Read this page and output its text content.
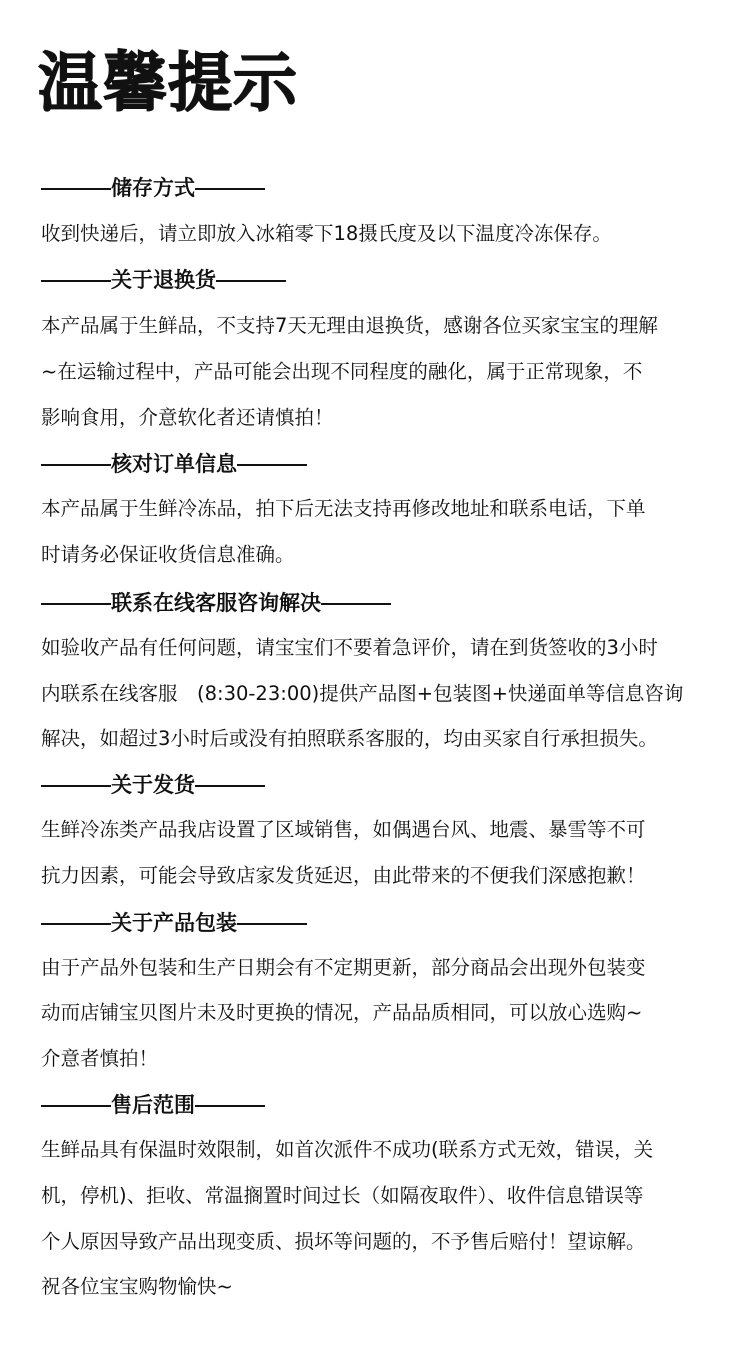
温馨提示
储存方式
收到快递后，请立即放入冰箱零下18摄氏度及以下温度冷冻保存。
关于退换货
本产品属于生鲜品，不支持7天无理由退换货，感谢各位买家宝宝的理解
~在运输过程中，产品可能会出现不同程度的融化，属于正常现象，不
影响食用，介意软化者还请慎拍！
核对订单信息
本产品属于生鲜冷冻品，拍下后无法支持再修改地址和联系电话，下单
时请务必保证收货信息准确。
联系在线客服咨询解决
如验收产品有任何问题，请宝宝们不要着急评价，请在到货签收的3小时
内联系在线客服　(8:30-23:00)提供产品图+包装图+快递面单等信息咨询
解决，如超过3小时后或没有拍照联系客服的，均由买家自行承担损失。
关于发货
生鲜冷冻类产品我店设置了区域销售，如偶遇台风、地震、暴雪等不可
抗力因素，可能会导致店家发货延迟，由此带来的不便我们深感抱歉！
关于产品包装
由于产品外包装和生产日期会有不定期更新，部分商品会出现外包装变
动而店铺宝贝图片未及时更换的情况，产品品质相同，可以放心选购~
介意者慎拍！
售后范围
生鲜品具有保温时效限制，如首次派件不成功(联系方式无效，错误，关
机，停机)、拒收、常温搁置时间过长（如隔夜取件）、收件信息错误等
个人原因导致产品出现变质、损坏等问题的，不予售后赔付！望谅解。
祝各位宝宝购物愉快~
